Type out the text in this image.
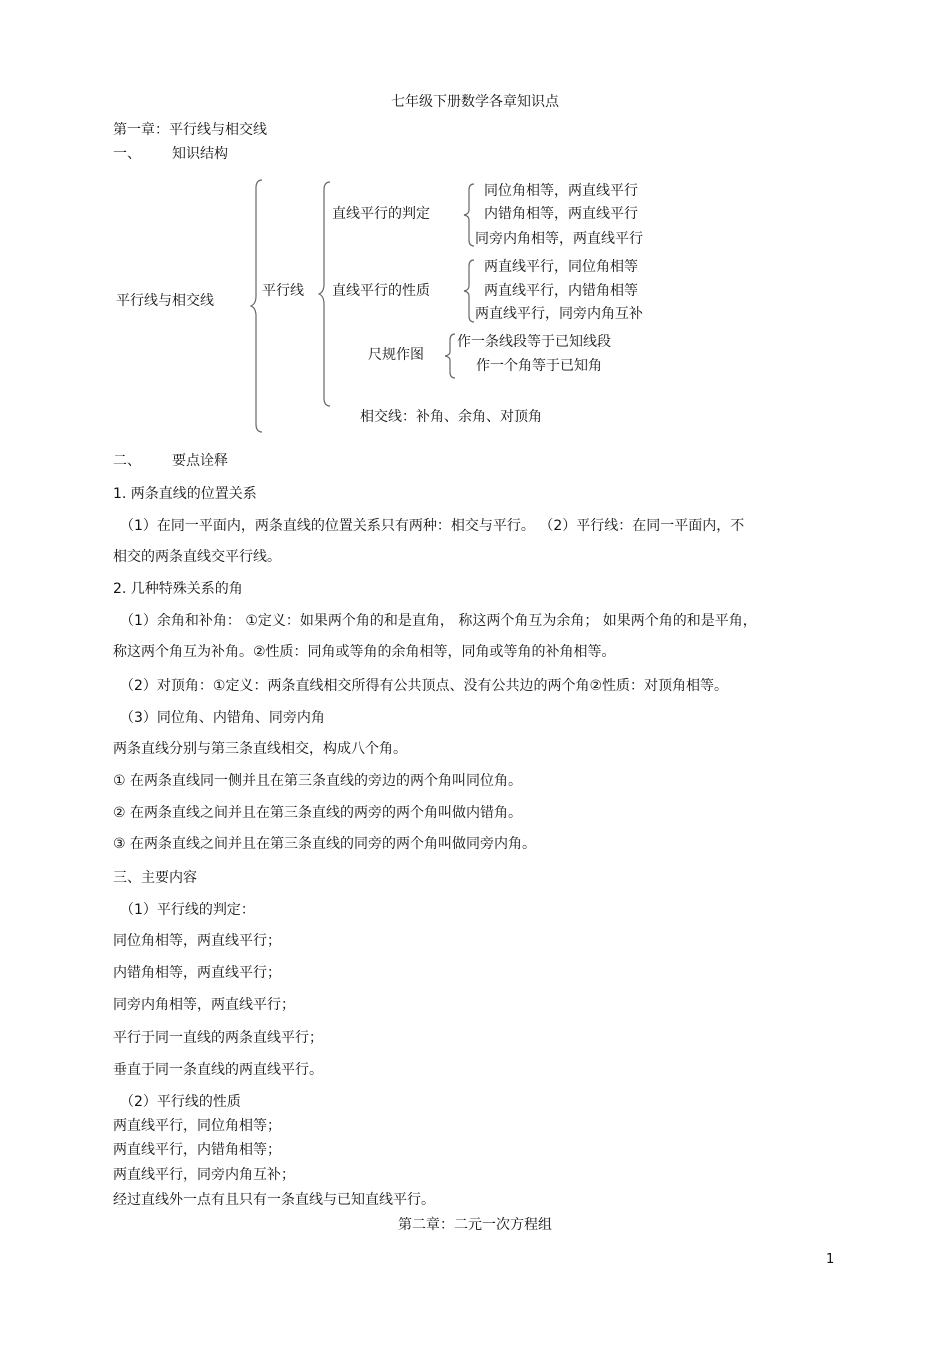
七年级下册数学各章知识点
第一章：平行线与相交线
一、 知识结构
平行线与相交线
平行线
直线平行的判定
同位角相等，两直线平行
内错角相等，两直线平行
同旁内角相等，两直线平行
直线平行的性质
两直线平行，同位角相等
两直线平行，内错角相等
两直线平行，同旁内角互补
尺规作图
作一条线段等于已知线段
作一个角等于已知角
相交线：补角、余角、对顶角
二、 要点诠释
1. 两条直线的位置关系
（1）在同一平面内，两条直线的位置关系只有两种：相交与平行。 （2）平行线：在同一平面内，不
相交的两条直线交平行线。
2. 几种特殊关系的角
（1）余角和补角： ①定义：如果两个角的和是直角， 称这两个角互为余角； 如果两个角的和是平角，
称这两个角互为补角。②性质：同角或等角的余角相等，同角或等角的补角相等。
（2）对顶角：①定义：两条直线相交所得有公共顶点、没有公共边的两个角②性质：对顶角相等。
（3）同位角、内错角、同旁内角
两条直线分别与第三条直线相交，构成八个角。
① 在两条直线同一侧并且在第三条直线的旁边的两个角叫同位角。
② 在两条直线之间并且在第三条直线的两旁的两个角叫做内错角。
③ 在两条直线之间并且在第三条直线的同旁的两个角叫做同旁内角。
三、主要内容
（1）平行线的判定：
同位角相等，两直线平行；
内错角相等，两直线平行；
同旁内角相等，两直线平行；
平行于同一直线的两条直线平行；
垂直于同一条直线的两直线平行。
（2）平行线的性质
两直线平行，同位角相等；
两直线平行，内错角相等；
两直线平行，同旁内角互补；
经过直线外一点有且只有一条直线与已知直线平行。
第二章：二元一次方程组
1
